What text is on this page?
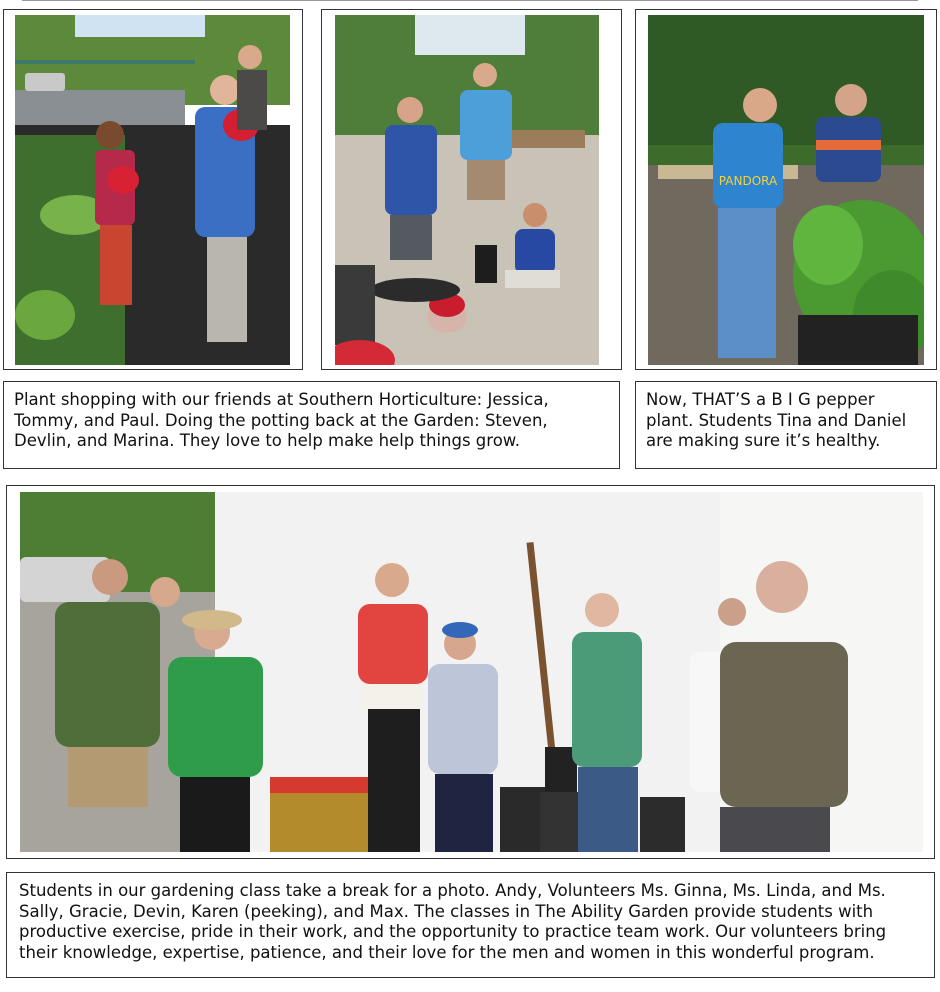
PANDORA
Plant shopping with our friends at Southern Horticulture: Jessica, Tommy, and Paul. Doing the potting back at the Garden: Steven, Devlin, and Marina. They love to help make help things grow.
Now, THAT’S a B I G pepper plant. Students Tina and Daniel are making sure it’s healthy.
Students in our gardening class take a break for a photo. Andy, Volunteers Ms. Ginna, Ms. Linda, and Ms. Sally, Gracie, Devin, Karen (peeking), and Max. The classes in The Ability Garden provide students with productive exercise, pride in their work, and the opportunity to practice team work. Our volunteers bring their knowledge, expertise, patience, and their love for the men and women in this wonderful program.
